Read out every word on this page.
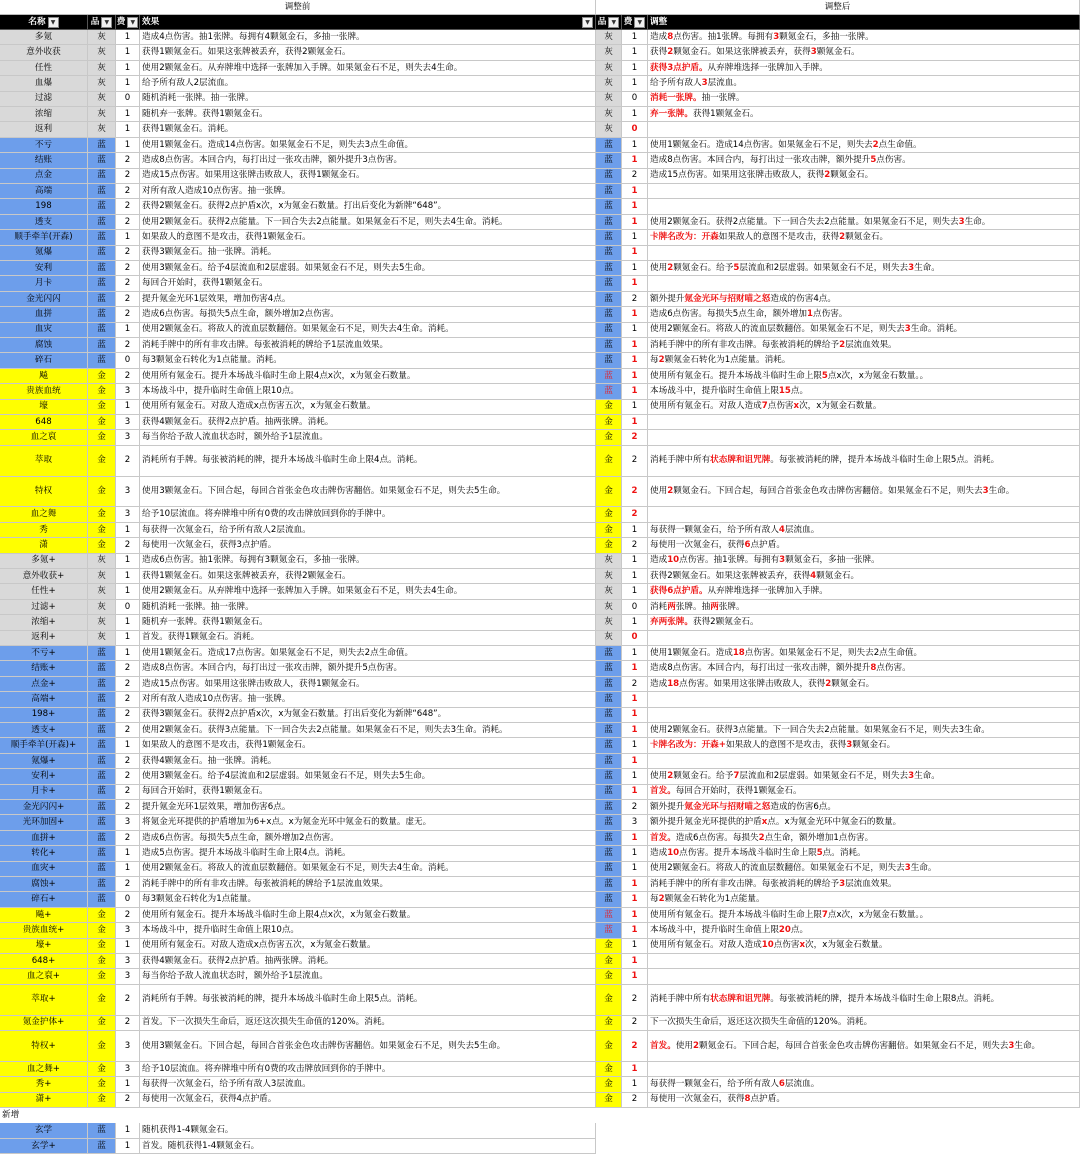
调整前	调整后
名称 ▼	品 ▼ 费 ▼ 效果	▼ 品 ▼ 费 ▼ 调整
多氪	灰	1	造成4点伤害。抽1张牌。每拥有4颗氪金石，多抽一张牌。	灰	1	造成 8 点伤害。抽1张牌。每拥有 3 颗氪金石，多抽一张牌。
意外收获	灰	1	获得1颗氪金石。如果这张牌被丢弃，获得2颗氪金石。	灰	1	获得 2 颗氪金石。如果这张牌被丢弃，获得 3 颗氪金石。
任性	灰	1	使用2颗氪金石。从弃牌堆中选择一张牌加入手牌。如果氪金石不足，则失去4生命。	灰	1	获得3点护盾。 从弃牌堆选择一张牌加入手牌。
血爆	灰	1	给予所有敌人2层流血。	灰	1	给予所有敌人 3 层流血。
过滤	灰	0	随机消耗一张牌。抽一张牌。	灰	0	消耗一张牌。 抽一张牌。
浓缩	灰	1	随机弃一张牌。获得1颗氪金石。	灰	1	弃一张牌。 获得1颗氪金石。
返利	灰	1	获得1颗氪金石。消耗。	灰	0
不亏	蓝	1	使用1颗氪金石。造成14点伤害。如果氪金石不足，则失去3点生命值。	蓝	1	使用1颗氪金石。造成14点伤害。如果氪金石不足，则失去 2 点生命值。
结账	蓝	2	造成8点伤害。本回合内，每打出过一张攻击牌，额外提升3点伤害。	蓝	1	造成8点伤害。本回合内，每打出过一张攻击牌，额外提升 5 点伤害。
点金	蓝	2	造成15点伤害。如果用这张牌击败敌人，获得1颗氪金石。	蓝	2	造成15点伤害。如果用这张牌击败敌人，获得 2 颗氪金石。
高端	蓝	2	对所有敌人造成10点伤害。抽一张牌。	蓝	1
198	蓝	2	获得2颗氪金石。获得2点护盾x次，x为氪金石数量。打出后变化为新牌“648”。	蓝	1
透支	蓝	2	使用2颗氪金石。获得2点能量。下一回合失去2点能量。如果氪金石不足，则失去4生命。消耗。	蓝	1	使用2颗氪金石。获得2点能量。下一回合失去2点能量。如果氪金石不足，则失去 3 生命。
顺手牵羊(开森)	蓝	1	如果敌人的意图不是攻击，获得1颗氪金石。	蓝	1	卡牌名改为：开森 如果敌人的意图不是攻击，获得 2 颗氪金石。
氪爆	蓝	2	获得3颗氪金石。抽一张牌。消耗。	蓝	1
安利	蓝	2	使用3颗氪金石。给予4层流血和2层虚弱。如果氪金石不足，则失去5生命。	蓝	1	使用 2 颗氪金石。给予 5 层流血和2层虚弱。如果氪金石不足，则失去 3 生命。
月卡	蓝	2	每回合开始时，获得1颗氪金石。	蓝	1
金光闪闪	蓝	2	提升氪金光环1层效果，增加伤害4点。	蓝	2	额外提升 氪金光环与招财喵之怒 造成的伤害4点。
血拼	蓝	2	造成6点伤害。每损失5点生命，额外增加2点伤害。	蓝	1	造成6点伤害。每损失5点生命，额外增加 1 点伤害。
血灾	蓝	1	使用2颗氪金石。将敌人的流血层数翻倍。如果氪金石不足，则失去4生命。消耗。	蓝	1	使用2颗氪金石。将敌人的流血层数翻倍。如果氪金石不足，则失去 3 生命。消耗。
腐蚀	蓝	2	消耗手牌中的所有非攻击牌。每张被消耗的牌给予1层流血效果。	蓝	1	消耗手牌中的所有非攻击牌。每张被消耗的牌给予 2 层流血效果。
碎石	蓝	0	每3颗氪金石转化为1点能量。消耗。	蓝	1	每 2 颗氪金石转化为1点能量。消耗。
飚	金	2	使用所有氪金石。提升本场战斗临时生命上限4点x次，x为氪金石数量。	蓝	1	使用所有氪金石。提升本场战斗临时生命上限 5 点x次，x为氪金石数量。。
贵族血统	金	3	本场战斗中，提升临时生命值上限10点。	蓝	1	本场战斗中，提升临时生命值上限 15 点。
壕	金	1	使用所有氪金石。对敌人造成x点伤害五次，x为氪金石数量。	金	1	使用所有氪金石。对敌人造成 7 点伤害 x 次，x为氪金石数量。
648	金	3	获得4颗氪金石。获得2点护盾。抽两张牌。消耗。	金	1
血之裒	金	3	每当你给予敌人流血状态时，额外给予1层流血。	金	2
萃取	金	2	消耗所有手牌。每张被消耗的牌，提升本场战斗临时生命上限4点。消耗。	金	2	消耗手牌中所有 状态牌和诅咒牌 。每张被消耗的牌，提升本场战斗临时生命上限5点。消耗。
特权	金	3	使用3颗氪金石。下回合起，每回合首张金色攻击牌伤害翻倍。如果氪金石不足，则失去5生命。	金	2	使用 2 颗氪金石。下回合起，每回合首张金色攻击牌伤害翻倍。如果氪金石不足，则失去 3 生命。
血之舞	金	3	给予10层流血。将弃牌堆中所有0费的攻击牌放回到你的手牌中。	金	2
秀	金	1	每获得一次氪金石，给予所有敌人2层流血。	金	1	每获得一颗氪金石，给予所有敌人 4 层流血。
潇	金	2	每使用一次氪金石，获得3点护盾。	金	2	每使用一次氪金石，获得 6 点护盾。
多氪+	灰	1	造成6点伤害。抽1张牌。每拥有3颗氪金石，多抽一张牌。	灰	1	造成 10 点伤害。抽1张牌。每拥有 3 颗氪金石，多抽一张牌。
意外收获+	灰	1	获得1颗氪金石。如果这张牌被丢弃，获得2颗氪金石。	灰	1	获得2颗氪金石。如果这张牌被丢弃，获得 4 颗氪金石。
任性+	灰	1	使用2颗氪金石。从弃牌堆中选择一张牌加入手牌。如果氪金石不足，则失去4生命。	灰	1	获得6点护盾。 从弃牌堆选择一张牌加入手牌。
过滤+	灰	0	随机消耗一张牌。抽一张牌。	灰	0	消耗 两 张牌。抽 两 张牌。
浓缩+	灰	1	随机弃一张牌。获得1颗氪金石。	灰	1	弃两张牌。 获得2颗氪金石。
返利+	灰	1	首发。获得1颗氪金石。消耗。	灰	0
不亏+	蓝	1	使用1颗氪金石。造成17点伤害。如果氪金石不足，则失去2点生命值。	蓝	1	使用1颗氪金石。造成 18 点伤害。如果氪金石不足，则失去2点生命值。
结账+	蓝	2	造成8点伤害。本回合内，每打出过一张攻击牌，额外提升5点伤害。	蓝	1	造成8点伤害。本回合内，每打出过一张攻击牌，额外提升 8 点伤害。
点金+	蓝	2	造成15点伤害。如果用这张牌击败敌人，获得1颗氪金石。	蓝	2	造成 18 点伤害。如果用这张牌击败敌人，获得 2 颗氪金石。
高端+	蓝	2	对所有敌人造成10点伤害。抽一张牌。	蓝	1
198+	蓝	2	获得3颗氪金石。获得2点护盾x次，x为氪金石数量。打出后变化为新牌“648”。	蓝	1
透支+	蓝	2	使用2颗氪金石。获得3点能量。下一回合失去2点能量。如果氪金石不足，则失去3生命。消耗。	蓝	1	使用2颗氪金石。获得3点能量。下一回合失去2点能量。如果氪金石不足，则失去3生命。
顺手牵羊(开森)+	蓝	1	如果敌人的意图不是攻击，获得1颗氪金石。	蓝	1	卡牌名改为：开森+ 如果敌人的意图不是攻击，获得 3 颗氪金石。
氪爆+	蓝	2	获得4颗氪金石。抽一张牌。消耗。	蓝	1
安利+	蓝	2	使用3颗氪金石。给予4层流血和2层虚弱。如果氪金石不足，则失去5生命。	蓝	1	使用 2 颗氪金石。给予 7 层流血和2层虚弱。如果氪金石不足，则失去 3 生命。
月卡+	蓝	2	每回合开始时，获得1颗氪金石。	蓝	1	首发。 每回合开始时，获得1颗氪金石。
金光闪闪+	蓝	2	提升氪金光环1层效果，增加伤害6点。	蓝	2	额外提升 氪金光环与招财喵之怒 造成的伤害6点。
光环加固+	蓝	3	将氪金光环提供的护盾增加为6+x点。x为氪金光环中氪金石的数量。虚无。	蓝	3	额外提升氪金光环提供的护盾 x 点。x为氪金光环中氪金石的数量。
血拼+	蓝	2	造成6点伤害。每损失5点生命，额外增加2点伤害。	蓝	1	首发。 造成6点伤害。每损失 2 点生命，额外增加1点伤害。
转化+	蓝	1	造成5点伤害。提升本场战斗临时生命上限4点。消耗。	蓝	1	造成 10 点伤害。提升本场战斗临时生命上限 5 点。消耗。
血灾+	蓝	1	使用2颗氪金石。将敌人的流血层数翻倍。如果氪金石不足，则失去4生命。消耗。	蓝	1	使用2颗氪金石。将敌人的流血层数翻倍。如果氪金石不足，则失去 3 生命。
腐蚀+	蓝	2	消耗手牌中的所有非攻击牌。每张被消耗的牌给予1层流血效果。	蓝	1	消耗手牌中的所有非攻击牌。每张被消耗的牌给予 3 层流血效果。
碎石+	蓝	0	每3颗氪金石转化为1点能量。	蓝	1	每 2 颗氪金石转化为1点能量。
飚+	金	2	使用所有氪金石。提升本场战斗临时生命上限4点x次，x为氪金石数量。	蓝	1	使用所有氪金石。提升本场战斗临时生命上限 7 点x次，x为氪金石数量。。
贵族血统+	金	3	本场战斗中，提升临时生命值上限10点。	蓝	1	本场战斗中，提升临时生命值上限 20 点。
壕+	金	1	使用所有氪金石。对敌人造成x点伤害五次，x为氪金石数量。	金	1	使用所有氪金石。对敌人造成 10 点伤害 x 次，x为氪金石数量。
648+	金	3	获得4颗氪金石。获得2点护盾。抽两张牌。消耗。	金	1
血之裒+	金	3	每当你给予敌人流血状态时，额外给予1层流血。	金	1
萃取+	金	2	消耗所有手牌。每张被消耗的牌，提升本场战斗临时生命上限5点。消耗。	金	2	消耗手牌中所有 状态牌和诅咒牌 。每张被消耗的牌，提升本场战斗临时生命上限8点。消耗。
氪金护体+	金	2	首发。下一次损失生命后，返还这次损失生命值的120%。消耗。	金	2	下一次损失生命后，返还这次损失生命值的120%。消耗。
特权+	金	3	使用3颗氪金石。下回合起，每回合首张金色攻击牌伤害翻倍。如果氪金石不足，则失去5生命。	金	2	首发。 使用 2 颗氪金石。下回合起，每回合首张金色攻击牌伤害翻倍。如果氪金石不足，则失去 3 生命。
血之舞+	金	3	给予10层流血。将弃牌堆中所有0费的攻击牌放回到你的手牌中。	金	1
秀+	金	1	每获得一次氪金石，给予所有敌人3层流血。	金	1	每获得一颗氪金石，给予所有敌人 6 层流血。
潇+	金	2	每使用一次氪金石，获得4点护盾。	金	2	每使用一次氪金石，获得 8 点护盾。
新增
玄学	蓝	1	随机获得1-4颗氪金石。
玄学+	蓝	1	首发。随机获得1-4颗氪金石。
